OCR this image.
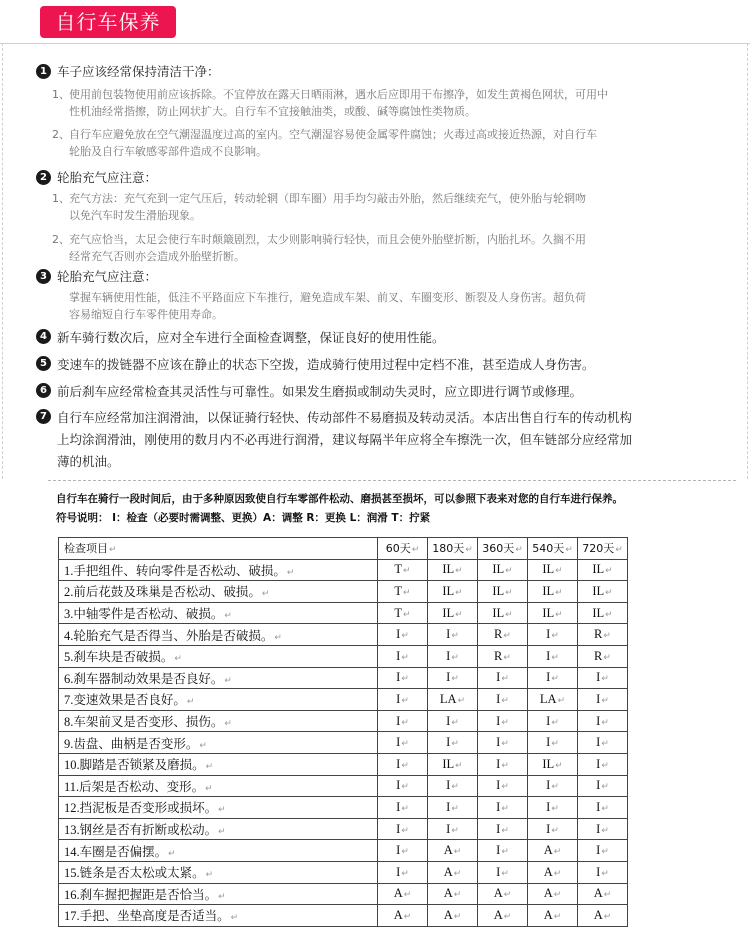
自行车保养
1 车子应该经常保持清洁干净：
1、 使用前包装物使用前应该拆除。不宜停放在露天日晒雨淋，遇水后应即用干布擦净，如发生黄褐色网状，可用中
性机油经常揩擦，防止网状扩大。自行车不宜接触油类，或酸、碱等腐蚀性类物质。
2、 自行车应避免放在空气潮湿温度过高的室内。空气潮湿容易使金属零件腐蚀；火毒过高或接近热源，对自行车
轮胎及自行车敏感零部件造成不良影响。
2 轮胎充气应注意：
1、 充气方法：充气充到一定气压后，转动轮辋（即车圈）用手均匀敲击外胎，然后继续充气，使外胎与轮辋吻
以免汽车时发生滑胎现象。
2、 充气应恰当，太足会使行车时颠簸剧烈，太少则影响骑行轻快，而且会使外胎壁折断，内胎扎坏。久搁不用
经常充气否则亦会造成外胎壁折断。
3 轮胎充气应注意：
掌握车辆使用性能，低洼不平路面应下车推行，避免造成车架、前叉、车圈变形、断裂及人身伤害。超负荷
容易缩短自行车零件使用寿命。
4 新车骑行数次后，应对全车进行全面检查调整，保证良好的使用性能。
5 变速车的拨链器不应该在静止的状态下空拨，造成骑行使用过程中定档不准，甚至造成人身伤害。
6 前后刹车应经常检查其灵活性与可靠性。如果发生磨损或制动失灵时，应立即进行调节或修理。
7 自行车应经常加注润滑油，以保证骑行轻快、传动部件不易磨损及转动灵活。本店出售自行车的传动机构
上均涂润滑油，刚使用的数月内不必再进行润滑，建议每隔半年应将全车擦洗一次，但车链部分应经常加
薄的机油。
自行车在骑行一段时间后，由于多种原因致使自行车零部件松动、磨损甚至损坏，可以参照下表来对您的自行车进行保养。
符号说明： I：检查（必要时需调整、更换）A：调整 R：更换 L：润滑 T：拧紧
检查项目↵	60天↵	180天↵	360天↵	540天↵	720天↵
1.手把组件、转向零件是否松动、破损。↵	T↵	IL↵	IL↵	IL↵	IL↵
2.前后花鼓及珠巢是否松动、破损。↵	T↵	IL↵	IL↵	IL↵	IL↵
3.中轴零件是否松动、破损。↵	T↵	IL↵	IL↵	IL↵	IL↵
4.轮胎充气是否得当、外胎是否破损。↵	I↵	I↵	R↵	I↵	R↵
5.刹车块是否破损。↵	I↵	I↵	R↵	I↵	R↵
6.刹车器制动效果是否良好。↵	I↵	I↵	I↵	I↵	I↵
7.变速效果是否良好。↵	I↵	LA↵	I↵	LA↵	I↵
8.车架前叉是否变形、损伤。↵	I↵	I↵	I↵	I↵	I↵
9.齿盘、曲柄是否变形。↵	I↵	I↵	I↵	I↵	I↵
10.脚踏是否锁紧及磨损。↵	I↵	IL↵	I↵	IL↵	I↵
11.后架是否松动、变形。↵	I↵	I↵	I↵	I↵	I↵
12.挡泥板是否变形或损坏。↵	I↵	I↵	I↵	I↵	I↵
13.钢丝是否有折断或松动。↵	I↵	I↵	I↵	I↵	I↵
14.车圈是否偏摆。↵	I↵	A↵	I↵	A↵	I↵
15.链条是否太松或太紧。↵	I↵	A↵	I↵	A↵	I↵
16.刹车握把握距是否恰当。↵	A↵	A↵	A↵	A↵	A↵
17.手把、坐垫高度是否适当。↵	A↵	A↵	A↵	A↵	A↵
